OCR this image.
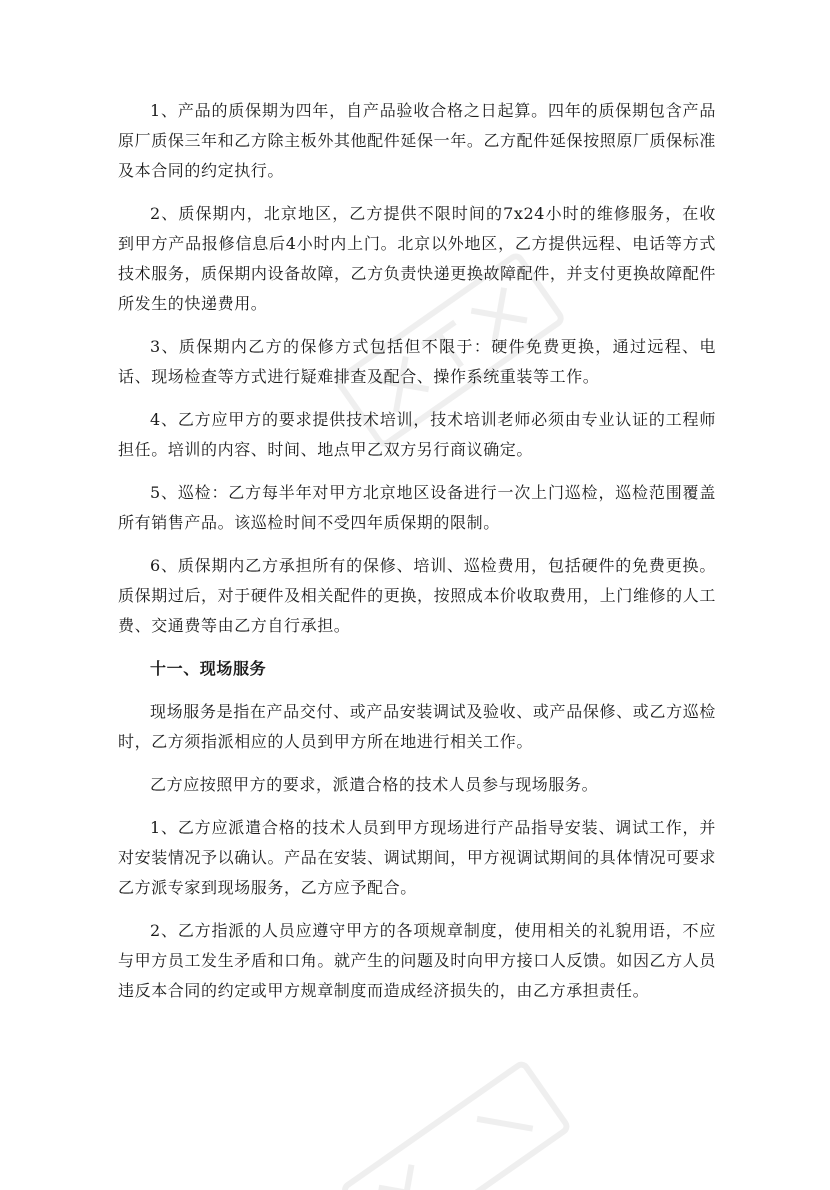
1、产品的质保期为四年，自产品验收合格之日起算。四年的质保期包含产品原厂质保三年和乙方除主板外其他配件延保一年。乙方配件延保按照原厂质保标准及本合同的约定执行。

2、质保期内，北京地区，乙方提供不限时间的7x24小时的维修服务，在收到甲方产品报修信息后4小时内上门。北京以外地区，乙方提供远程、电话等方式技术服务，质保期内设备故障，乙方负责快递更换故障配件，并支付更换故障配件所发生的快递费用。

3、质保期内乙方的保修方式包括但不限于：硬件免费更换，通过远程、电话、现场检查等方式进行疑难排查及配合、操作系统重装等工作。

4、乙方应甲方的要求提供技术培训，技术培训老师必须由专业认证的工程师担任。培训的内容、时间、地点甲乙双方另行商议确定。

5、巡检：乙方每半年对甲方北京地区设备进行一次上门巡检，巡检范围覆盖所有销售产品。该巡检时间不受四年质保期的限制。

6、质保期内乙方承担所有的保修、培训、巡检费用，包括硬件的免费更换。质保期过后，对于硬件及相关配件的更换，按照成本价收取费用，上门维修的人工费、交通费等由乙方自行承担。

十一、现场服务

现场服务是指在产品交付、或产品安装调试及验收、或产品保修、或乙方巡检时，乙方须指派相应的人员到甲方所在地进行相关工作。

乙方应按照甲方的要求，派遣合格的技术人员参与现场服务。

1、乙方应派遣合格的技术人员到甲方现场进行产品指导安装、调试工作，并对安装情况予以确认。产品在安装、调试期间，甲方视调试期间的具体情况可要求乙方派专家到现场服务，乙方应予配合。

2、乙方指派的人员应遵守甲方的各项规章制度，使用相关的礼貌用语，不应与甲方员工发生矛盾和口角。就产生的问题及时向甲方接口人反馈。如因乙方人员违反本合同的约定或甲方规章制度而造成经济损失的，由乙方承担责任。
